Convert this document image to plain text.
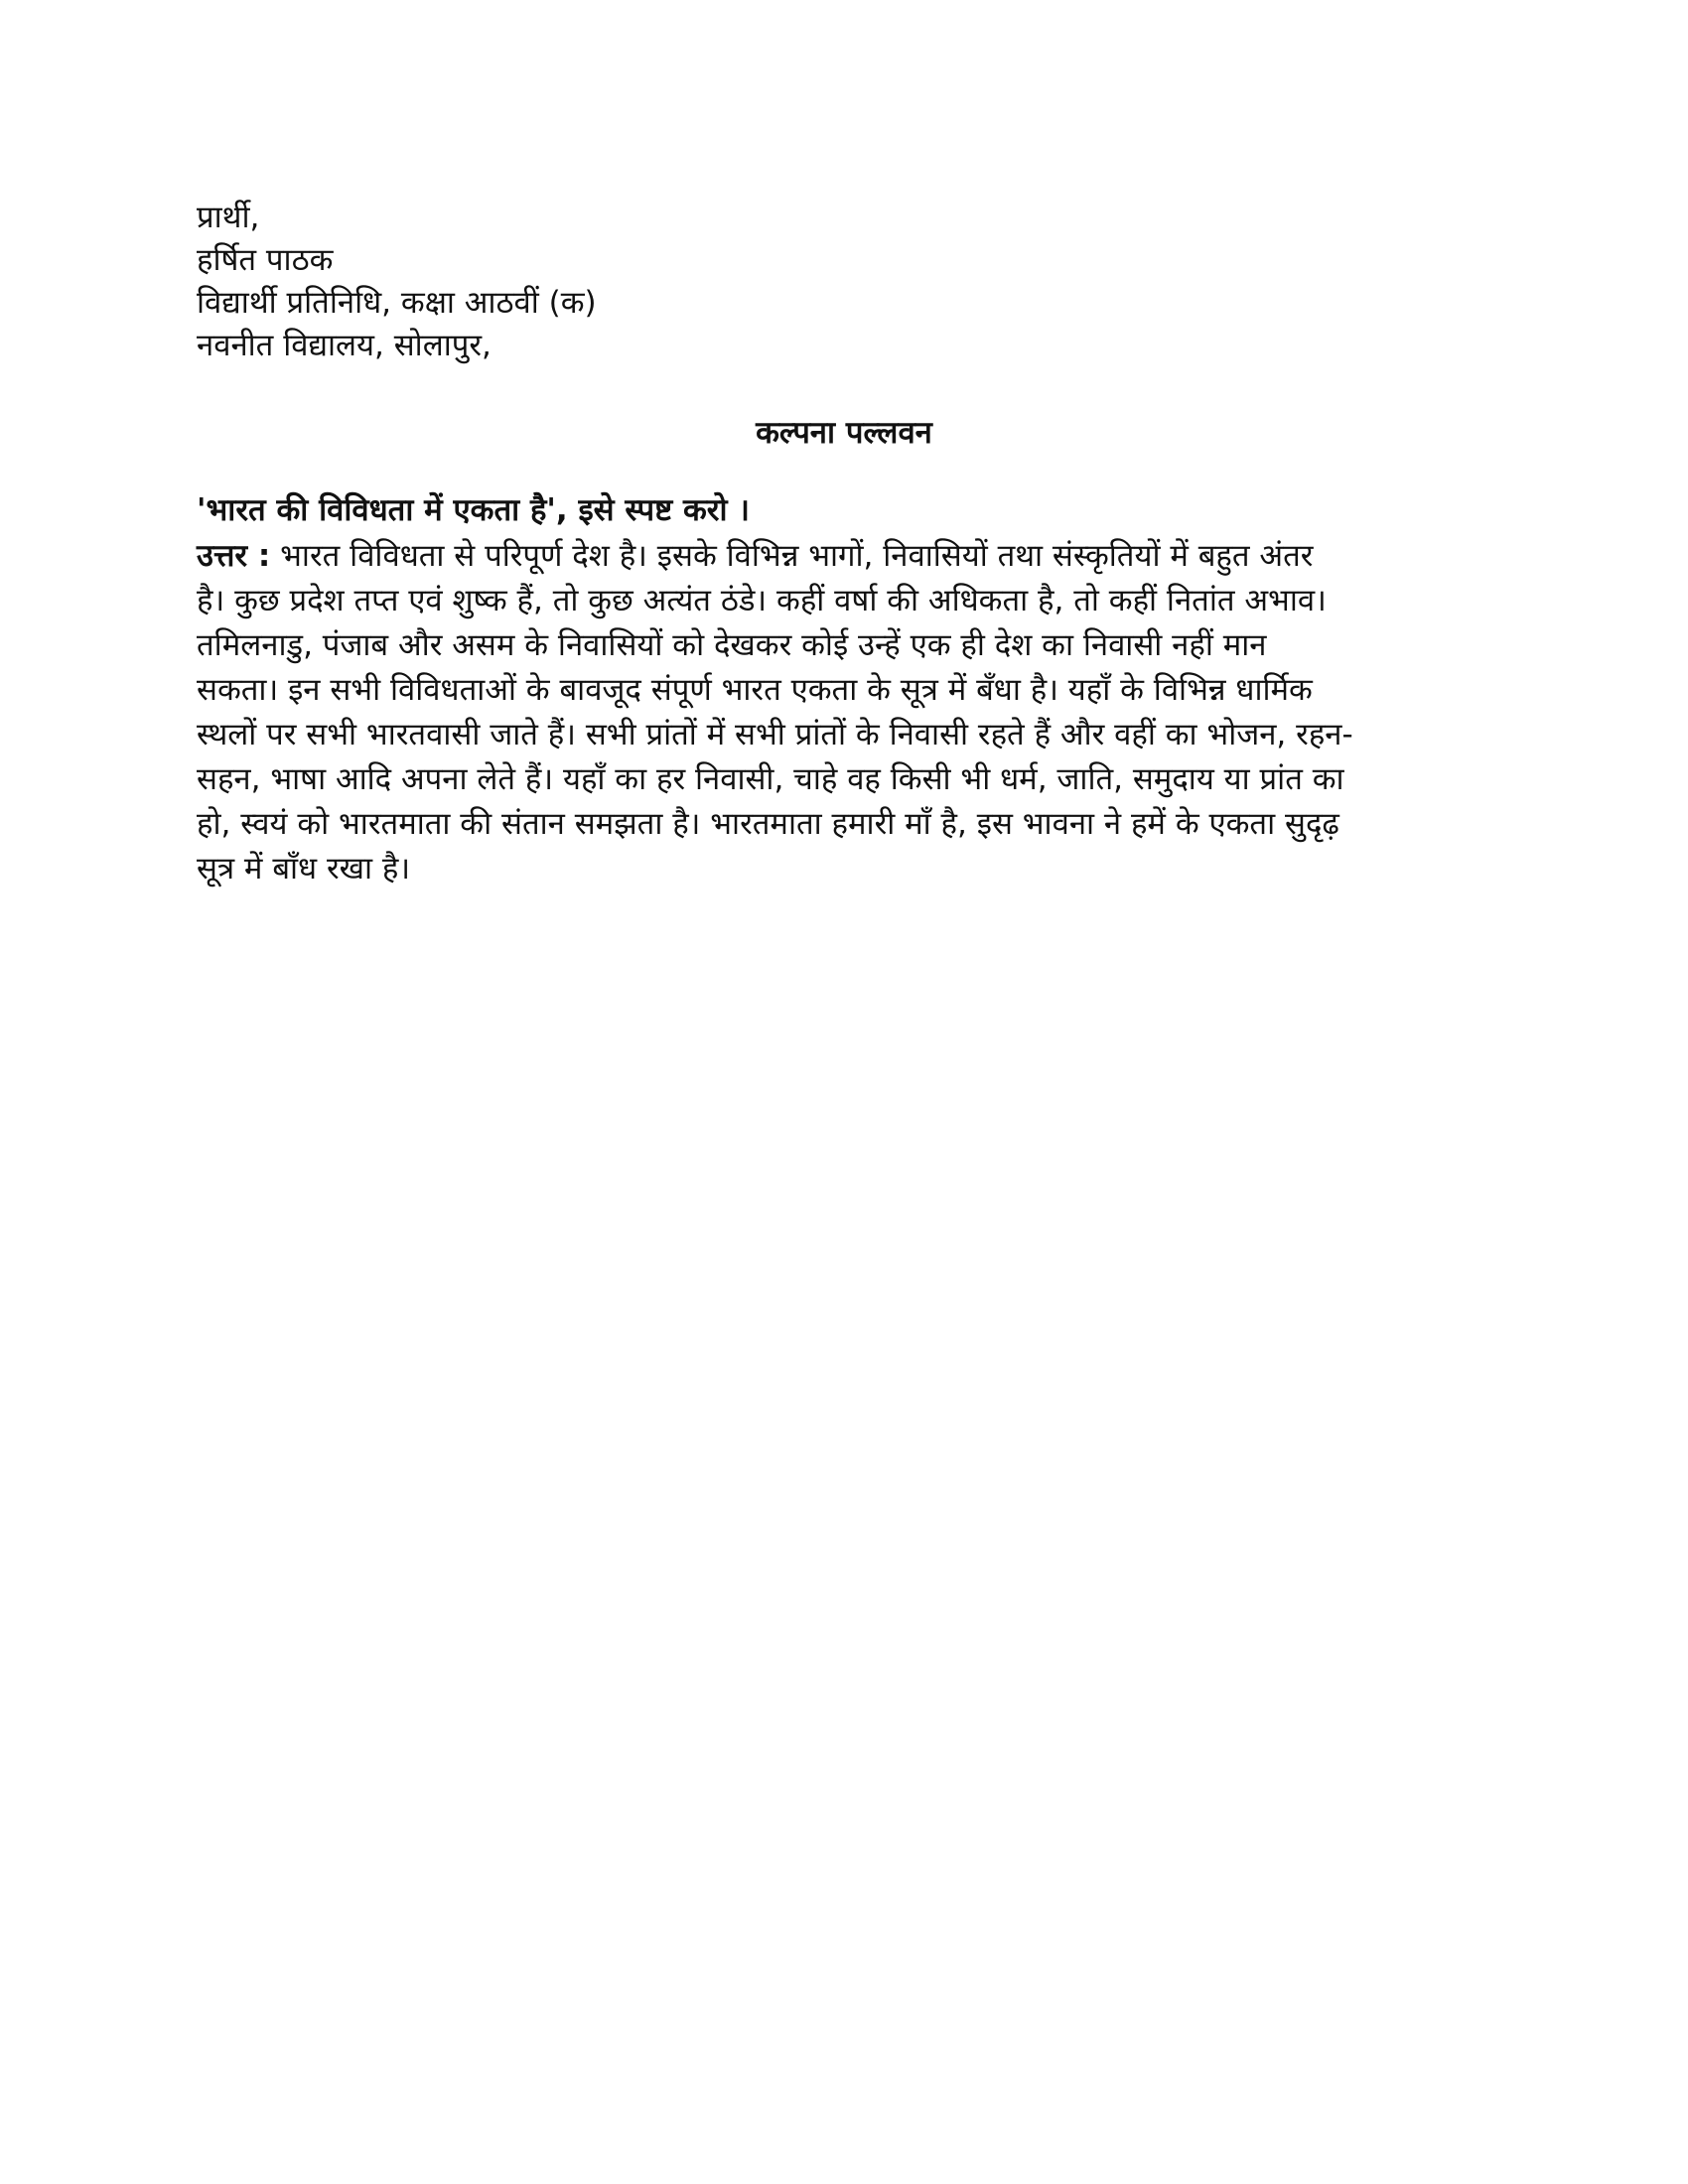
प्रार्थी,
हर्षित पाठक
विद्यार्थी प्रतिनिधि, कक्षा आठवीं (क)
नवनीत विद्यालय, सोलापुर,
कल्पना पल्लवन

'भारत की विविधता में एकता है', इसे स्पष्ट करो ।

उत्तर : भारत विविधता से परिपूर्ण देश है। इसके विभिन्न भागों, निवासियों तथा संस्कृतियों में बहुत अंतर
है। कुछ प्रदेश तप्त एवं शुष्क हैं, तो कुछ अत्यंत ठंडे। कहीं वर्षा की अधिकता है, तो कहीं नितांत अभाव।
तमिलनाडु, पंजाब और असम के निवासियों को देखकर कोई उन्हें एक ही देश का निवासी नहीं मान
सकता। इन सभी विविधताओं के बावजूद संपूर्ण भारत एकता के सूत्र में बँधा है। यहाँ के विभिन्न धार्मिक
स्थलों पर सभी भारतवासी जाते हैं। सभी प्रांतों में सभी प्रांतों के निवासी रहते हैं और वहीं का भोजन, रहन-
सहन, भाषा आदि अपना लेते हैं। यहाँ का हर निवासी, चाहे वह किसी भी धर्म, जाति, समुदाय या प्रांत का
हो, स्वयं को भारतमाता की संतान समझता है। भारतमाता हमारी माँ है, इस भावना ने हमें के एकता सुदृढ़
सूत्र में बाँध रखा है।
